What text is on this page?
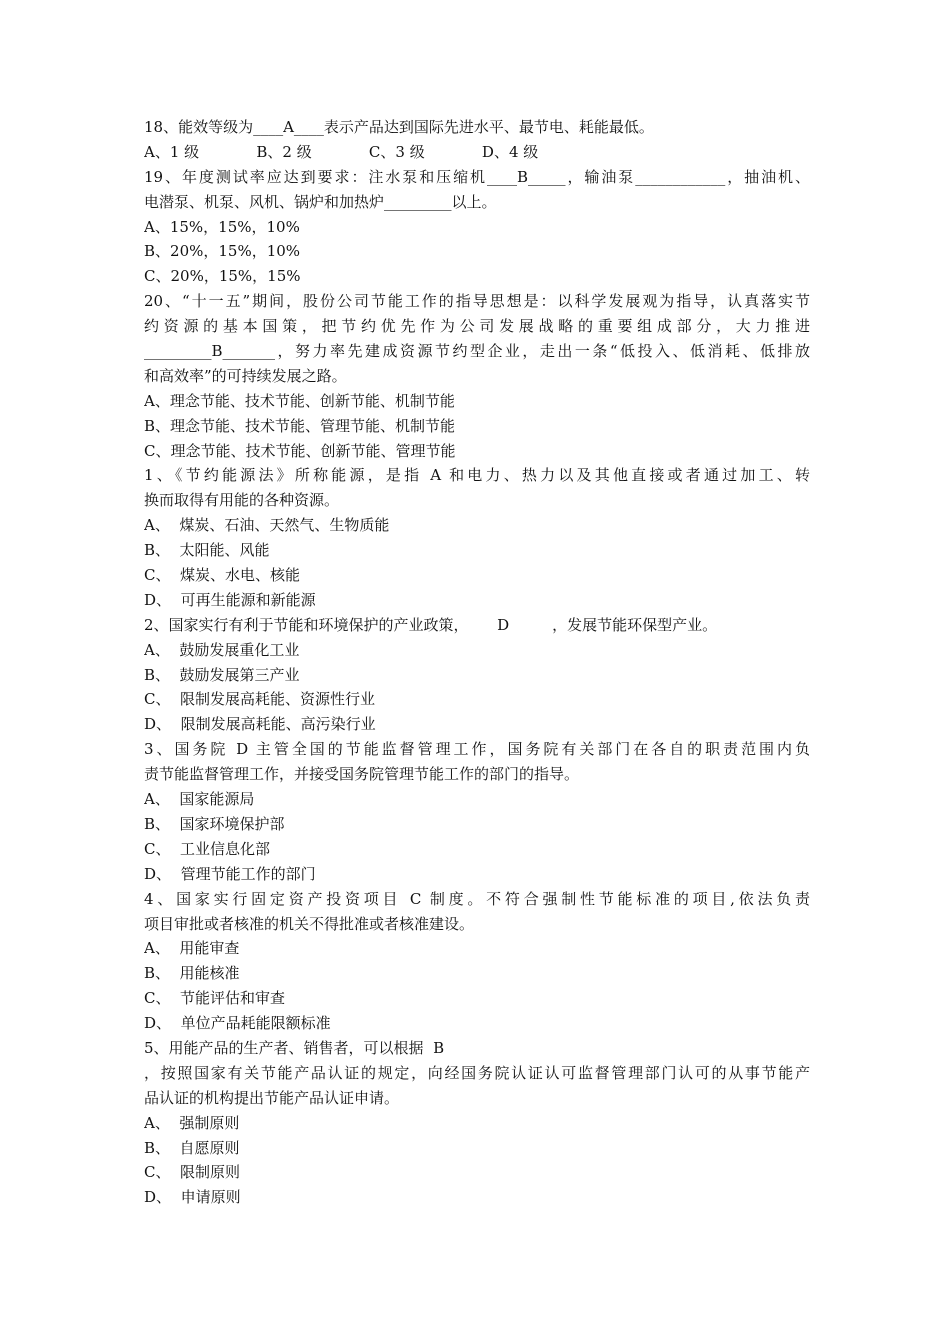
18、能效等级为____A____表示产品达到国际先进水平、最节电、耗能最低。
A、1 级            B、2 级            C、3 级            D、4 级
19、年度测试率应达到要求：注水泵和压缩机____B_____，输油泵____________，抽油机、
电潜泵、机泵、风机、锅炉和加热炉_________以上。
A、15%，15%，10%
B、20%，15%，10%
C、20%，15%，15%
20、“十一五”期间，股份公司节能工作的指导思想是：以科学发展观为指导，认真落实节
约资源的基本国策，把节约优先作为公司发展战略的重要组成部分，大力推进
_________B_______，努力率先建成资源节约型企业，走出一条“低投入、低消耗、低排放
和高效率”的可持续发展之路。
A、理念节能、技术节能、创新节能、机制节能
B、理念节能、技术节能、管理节能、机制节能
C、理念节能、技术节能、创新节能、管理节能
1、《节约能源法》所称能源，是指 A 和电力、热力以及其他直接或者通过加工、转
换而取得有用能的各种资源。
A、  煤炭、石油、天然气、生物质能
B、  太阳能、风能
C、  煤炭、水电、核能
D、  可再生能源和新能源
2、国家实行有利于节能和环境保护的产业政策，      D         ，发展节能环保型产业。
A、  鼓励发展重化工业
B、  鼓励发展第三产业
C、  限制发展高耗能、资源性行业
D、  限制发展高耗能、高污染行业
3、国务院 D 主管全国的节能监督管理工作，国务院有关部门在各自的职责范围内负
责节能监督管理工作，并接受国务院管理节能工作的部门的指导。
A、  国家能源局
B、  国家环境保护部
C、  工业信息化部
D、  管理节能工作的部门
4、国家实行固定资产投资项目 C 制度。不符合强制性节能标准的项目,依法负责
项目审批或者核准的机关不得批准或者核准建设。
A、  用能审查
B、  用能核准
C、  节能评估和审查
D、  单位产品耗能限额标准
5、用能产品的生产者、销售者，可以根据  B
，按照国家有关节能产品认证的规定，向经国务院认证认可监督管理部门认可的从事节能产
品认证的机构提出节能产品认证申请。
A、  强制原则
B、  自愿原则
C、  限制原则
D、  申请原则
